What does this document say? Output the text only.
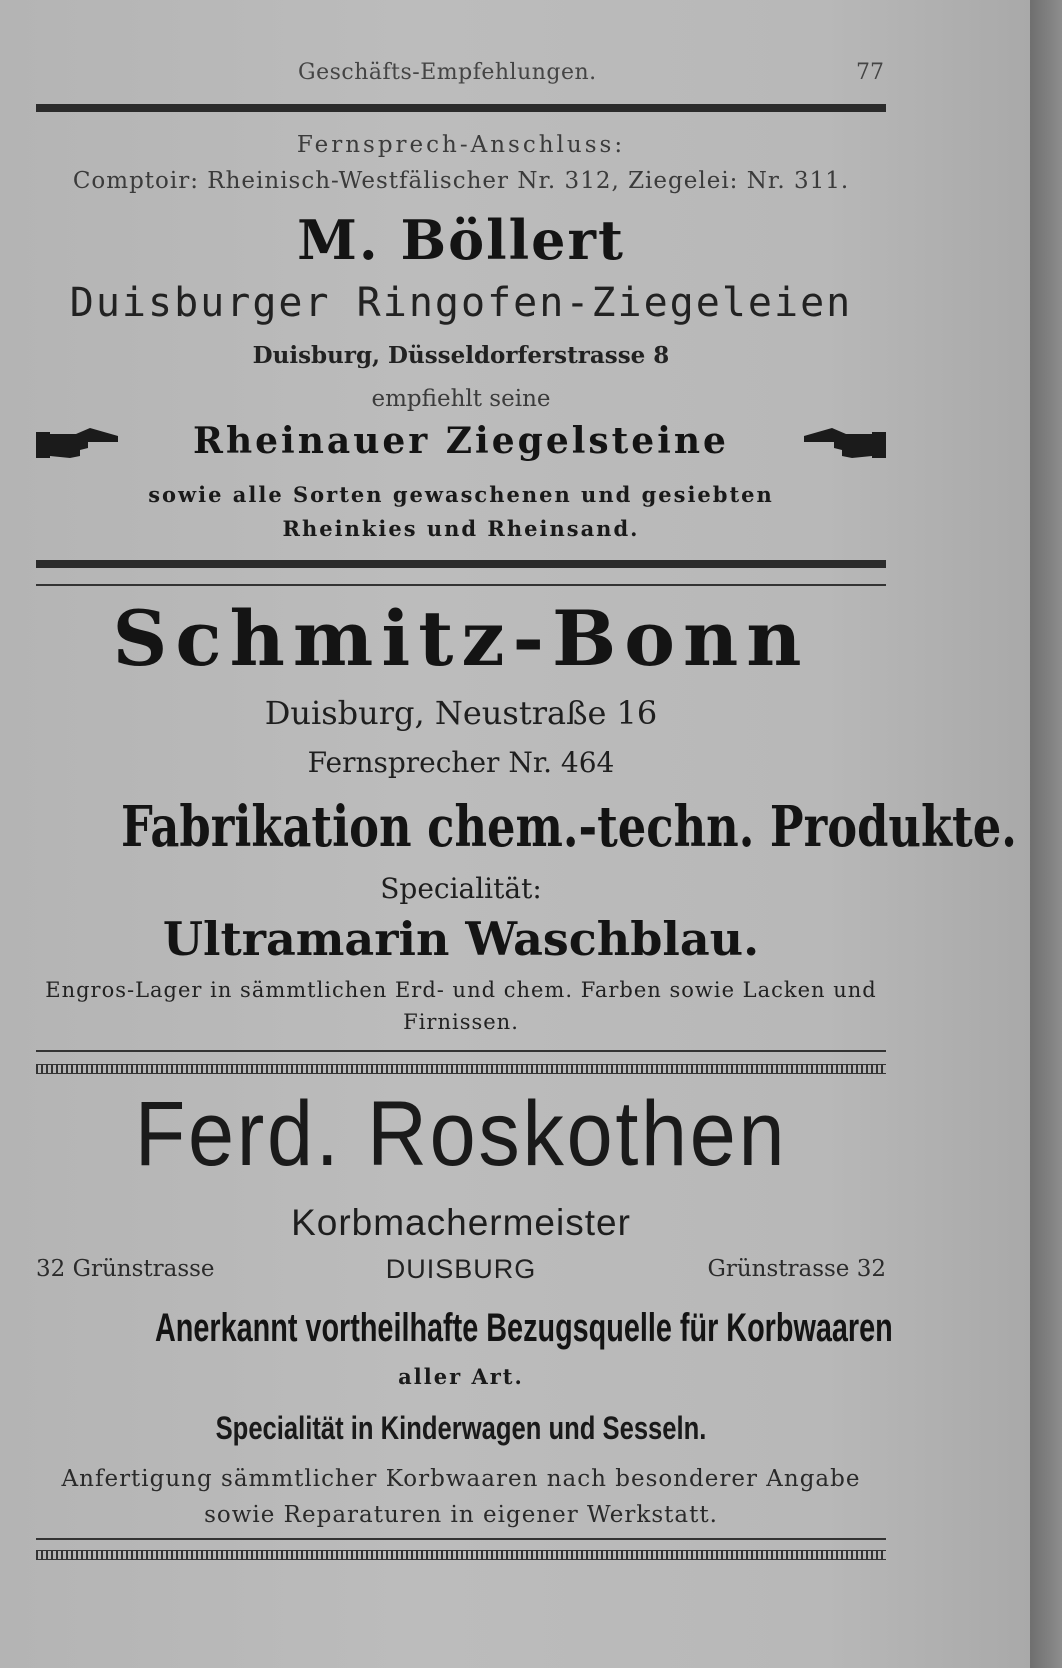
Geschäfts-Empfehlungen.	77
Fernsprech-Anschluss:
Comptoir: Rheinisch-Westfälischer Nr. 312, Ziegelei: Nr. 311.
M. Böllert
Duisburger Ringofen-Ziegeleien
Duisburg, Düsseldorferstrasse 8
empfiehlt seine
Rheinauer Ziegelsteine
sowie alle Sorten gewaschenen und gesiebten
Rheinkies und Rheinsand.
Schmitz-Bonn
Duisburg, Neustraße 16
Fernsprecher Nr. 464
Fabrikation chem.-techn. Produkte.
Specialität:
Ultramarin Waschblau.
Engros-Lager in sämmtlichen Erd- und chem. Farben sowie Lacken und
Firnissen.
Ferd. Roskothen
Korbmachermeister
32 Grünstrasse	DUISBURG	Grünstrasse 32
Anerkannt vortheilhafte Bezugsquelle für Korbwaaren
aller Art.
Specialität in Kinderwagen und Sesseln.
Anfertigung sämmtlicher Korbwaaren nach besonderer Angabe
sowie Reparaturen in eigener Werkstatt.
